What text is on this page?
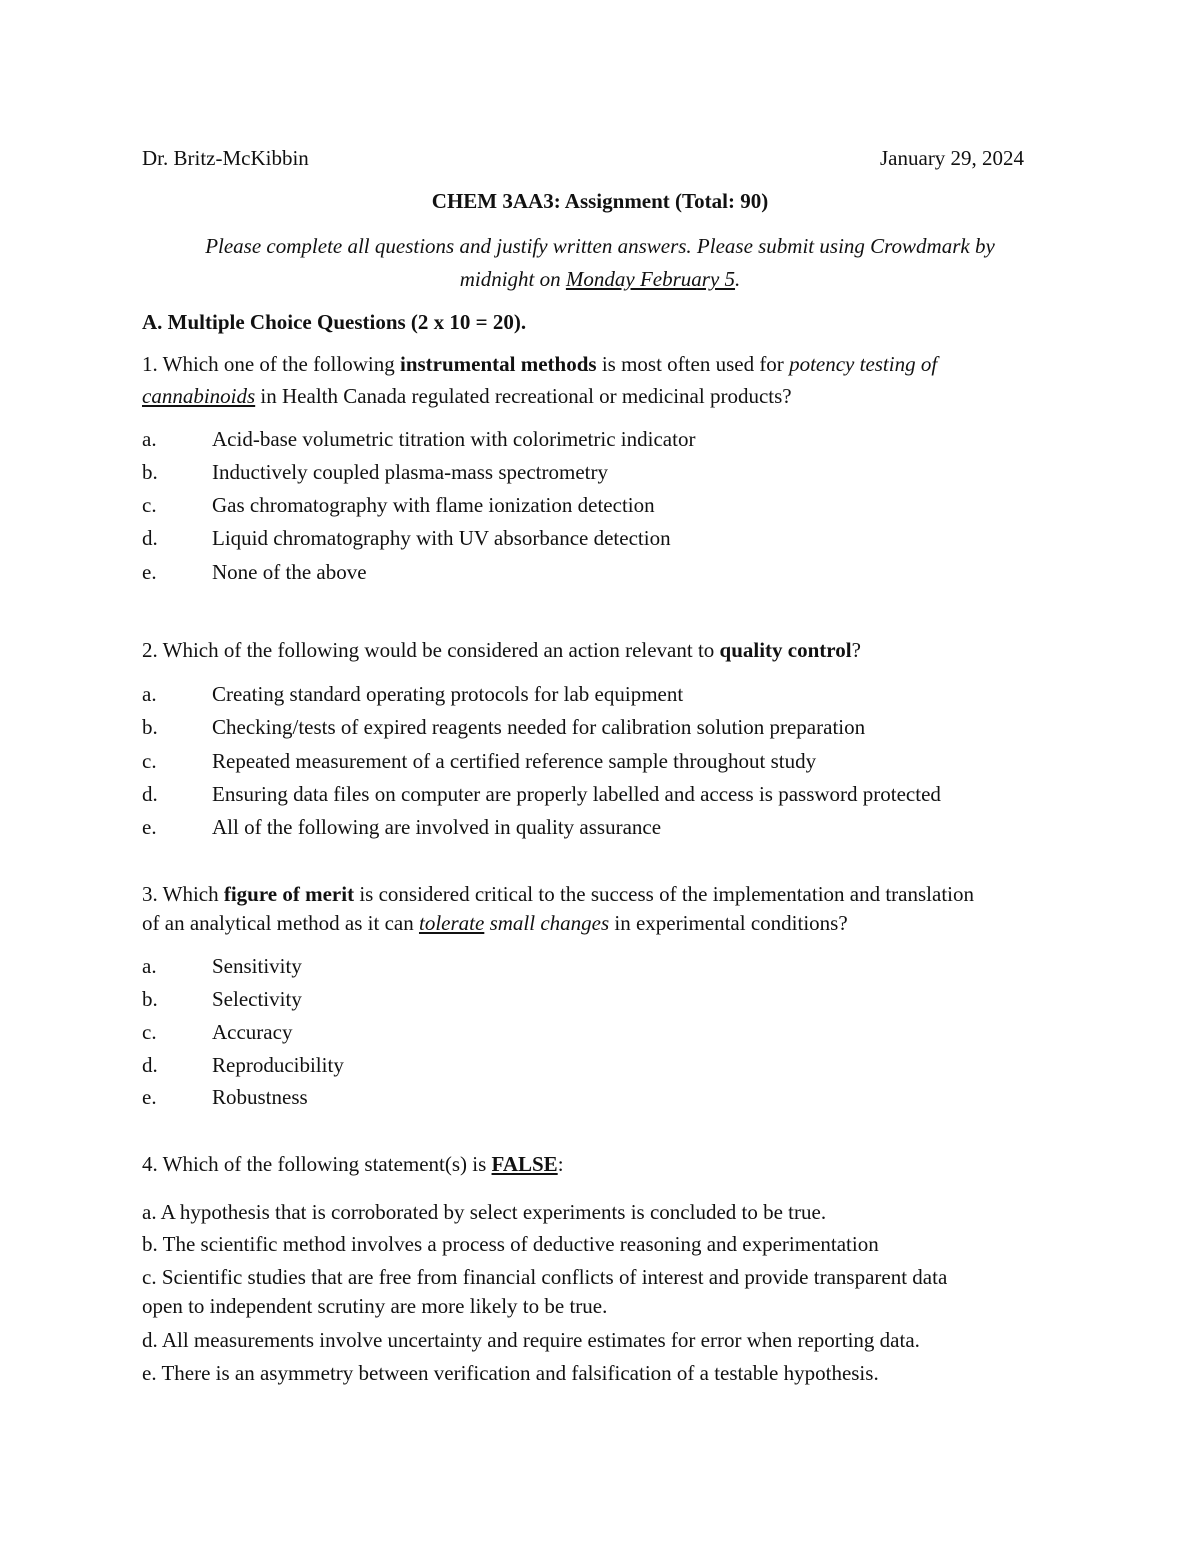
Dr. Britz-McKibbin	January 29, 2024
CHEM 3AA3: Assignment (Total: 90)
Please complete all questions and justify written answers. Please submit using Crowdmark by
midnight on Monday February 5.
A. Multiple Choice Questions (2 x 10 = 20).
1. Which one of the following instrumental methods is most often used for potency testing of
cannabinoids in Health Canada regulated recreational or medicinal products?
a.	Acid-base volumetric titration with colorimetric indicator
b.	Inductively coupled plasma-mass spectrometry
c.	Gas chromatography with flame ionization detection
d.	Liquid chromatography with UV absorbance detection
e.	None of the above
2. Which of the following would be considered an action relevant to quality control?
a.	Creating standard operating protocols for lab equipment
b.	Checking/tests of expired reagents needed for calibration solution preparation
c.	Repeated measurement of a certified reference sample throughout study
d.	Ensuring data files on computer are properly labelled and access is password protected
e.	All of the following are involved in quality assurance
3. Which figure of merit is considered critical to the success of the implementation and translation
of an analytical method as it can tolerate small changes in experimental conditions?
a.	Sensitivity
b.	Selectivity
c.	Accuracy
d.	Reproducibility
e.	Robustness
4. Which of the following statement(s) is FALSE:
a. A hypothesis that is corroborated by select experiments is concluded to be true.
b. The scientific method involves a process of deductive reasoning and experimentation
c. Scientific studies that are free from financial conflicts of interest and provide transparent data
open to independent scrutiny are more likely to be true.
d. All measurements involve uncertainty and require estimates for error when reporting data.
e. There is an asymmetry between verification and falsification of a testable hypothesis.
